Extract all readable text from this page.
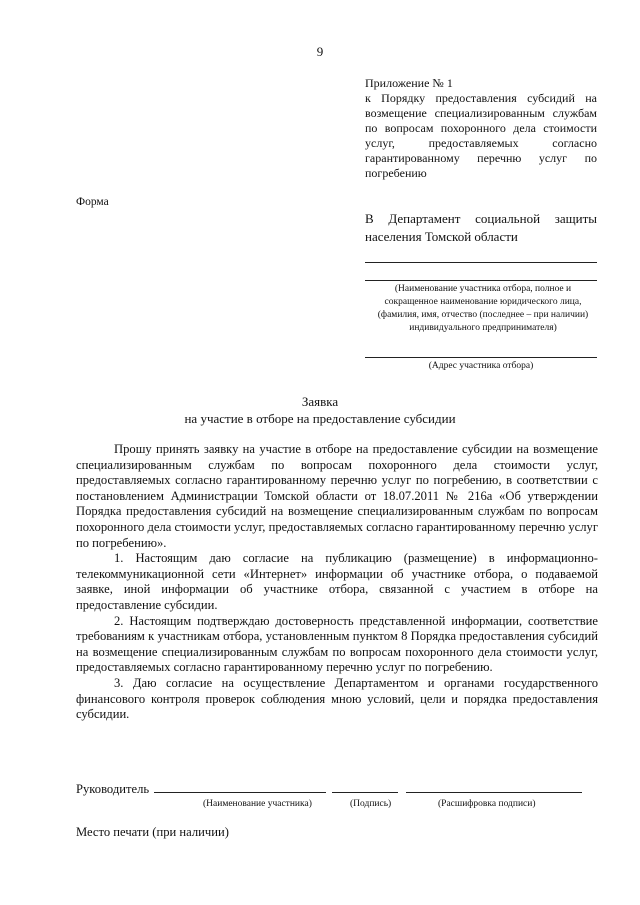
9
Приложение № 1
к Порядку предоставления субсидий на возмещение специализированным службам по вопросам похоронного дела стоимости услуг, предоставляемых согласно гарантированному перечню услуг по погребению
Форма
В Департамент социальной защиты населения Томской области
(Наименование участника отбора, полное и сокращенное наименование юридического лица, (фамилия, имя, отчество (последнее – при наличии) индивидуального предпринимателя)
(Адрес участника отбора)
Заявка
на участие в отборе на предоставление субсидии

Прошу принять заявку на участие в отборе на предоставление субсидии на возмещение специализированным службам по вопросам похоронного дела стоимости услуг, предоставляемых согласно гарантированному перечню услуг по погребению, в соответствии с постановлением Администрации Томской области от 18.07.2011 № 216а «Об утверждении Порядка предоставления субсидий на возмещение специализированным службам по вопросам похоронного дела стоимости услуг, предоставляемых согласно гарантированному перечню услуг по погребению».

1. Настоящим даю согласие на публикацию (размещение) в информационно-телекоммуникационной сети «Интернет» информации об участнике отбора, о подаваемой заявке, иной информации об участнике отбора, связанной с участием в отборе на предоставление субсидии.

2. Настоящим подтверждаю достоверность представленной информации, соответствие требованиям к участникам отбора, установленным пунктом 8 Порядка предоставления субсидий на возмещение специализированным службам по вопросам похоронного дела стоимости услуг, предоставляемых согласно гарантированному перечню услуг по погребению.

3. Даю согласие на осуществление Департаментом и органами государственного финансового контроля проверок соблюдения мною условий, цели и порядка предоставления субсидии.

Руководитель
(Наименование участника)	(Подпись)	(Расшифровка подписи)
Место печати (при наличии)
